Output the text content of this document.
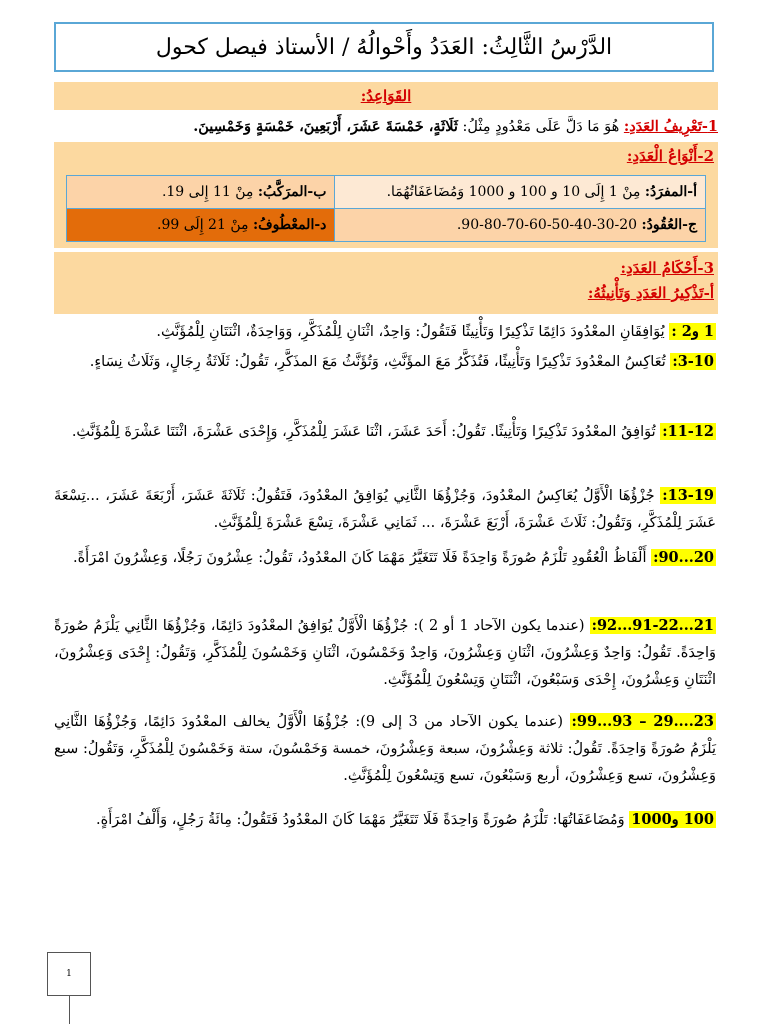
الدَّرْسُ الثَّالِثُ: العَدَدُ وأَحْوالُهُ / الأستاذ فيصل كحول
القَوَاعِدُ:
1-تَعْرِيفُ العَدَدِ: هُوَ مَا دَلَّ عَلَى مَعْدُودٍ مِثْلُ: ثَلَاثَةٍ، خَمْسَةَ عَشَرَ، أَرْبَعِينَ، خَمْسَةٍ وَخَمْسِينَ.
2-أَنْوَاعُ الْعَدَدِ:
أ-المفرَدُ: مِنْ 1 إِلَى 10 و 100 و 1000 وَمُضَاعَفَاتُهُمَا.	ب-المرَكَّبُ: مِنْ 11 إِلى 19.
ج-العُقُودُ: 20-30-40-50-60-70-80-90.	د-المعْطُوفُ: مِنْ 21 إِلَى 99.
3-أَحْكَامُ العَدَدِ:
أ-تَذْكِيرُ العَدَدِ وَتَأْنِيثُهُ:
1 و2 : يُوَافِقَانِ المعْدُودَ دَائِمًا تَذْكِيرًا وَتَأْنِيثًا فَتَقُولُ: وَاحِدٌ، اثْنَانِ لِلْمُذَكَّرِ، وَوَاحِدَةٌ، اثْنَتَانِ لِلْمُؤَنَّثِ.
3-10: تُعَاكِسُ المعْدُودَ تَذْكِيرًا وَتَأْنِيثًا، فَتُذَكَّرُ مَعَ المؤَنَّثِ، وَتُؤَنَّثُ مَعَ المذَكَّرِ، تَقُولُ: ثَلَاثَةُ رِجَالٍ، وَثَلَاثُ نِسَاءٍ.
11-12: تُوَافِقُ المعْدُودَ تَذْكِيرًا وَتَأْنِيثًا. تَقُولُ: أَحَدَ عَشَرَ، اثْنَا عَشَرَ لِلْمُذَكَّرِ، وَإِحْدَى عَشْرَةَ، اثْنَتَا عَشْرَةَ لِلْمُؤَنَّثِ.
13-19: جُزْؤُهَا الْأَوَّلُ يُعَاكِسُ المعْدُودَ، وَجُزْؤُهَا الثَّانِي يُوَافِقُ المعْدُودَ، فَتَقُولُ: ثَلَاثَةَ عَشَرَ، أَرْبَعَةَ عَشَرَ، ...تِسْعَةَ عَشَرَ لِلْمُذَكَّرِ، وَتَقُولُ: ثَلَاثَ عَشْرَةَ، أَرْبَعَ عَشْرَةَ، ... ثَمَانِي عَشْرَةَ، تِسْعَ عَشْرَةَ لِلْمُؤَنَّثِ.
20...90: أَلْفَاظُ الْعُقُودِ تَلْزَمُ صُورَةً وَاحِدَةً فَلَا تَتَغَيَّرُ مَهْمَا كَانَ المعْدُودُ، تَقُولُ: عِشْرُونَ رَجُلًا، وَعِشْرُونَ امْرَأَةً.
21...91-22...92: (عندما يكون الآحاد 1 أو 2 ): جُزْؤُهَا الْأَوَّلُ يُوَافِقُ المعْدُودَ دَائِمًا، وَجُزْؤُهَا الثَّانِي يَلْزَمُ صُورَةً وَاحِدَةً. تَقُولُ: وَاحِدٌ وَعِشْرُونَ، اثْنَانِ وَعِشْرُونَ، وَاحِدٌ وَخَمْسُونَ، اثْنَانِ وَخَمْسُونَ لِلْمُذَكَّرِ، وَتَقُولُ: إِحْدَى وَعِشْرُونَ، اثْنَتَانِ وَعِشْرُونَ، إِحْدَى وَسَبْعُونَ، اثْنَتَانِ وَتِسْعُونَ لِلْمُؤَنَّثِ.
23....29 – 93...99: (عندما يكون الآحاد من 3 إلى 9): جُزْؤُهَا الْأَوَّلُ يخالف المعْدُودَ دَائِمًا، وَجُزْؤُهَا الثَّانِي يَلْزَمُ صُورَةً وَاحِدَةً. تَقُولُ: ثلاثة وَعِشْرُونَ، سبعة وَعِشْرُونَ، خمسة وَخَمْسُونَ، ستة وَخَمْسُونَ لِلْمُذَكَّرِ، وَتَقُولُ: سبع وَعِشْرُونَ، تسع وَعِشْرُونَ، أربع وَسَبْعُونَ، تسع وَتِسْعُونَ لِلْمُؤَنَّثِ.
100 و1000 وَمُضَاعَفَاتُهَا: تَلْزَمُ صُورَةً وَاحِدَةً فَلَا تَتَغَيَّرُ مَهْمَا كَانَ المعْدُودُ فَتَقُولُ: مِائَةُ رَجُلٍ، وَأَلْفُ امْرَأَةٍ.
1
